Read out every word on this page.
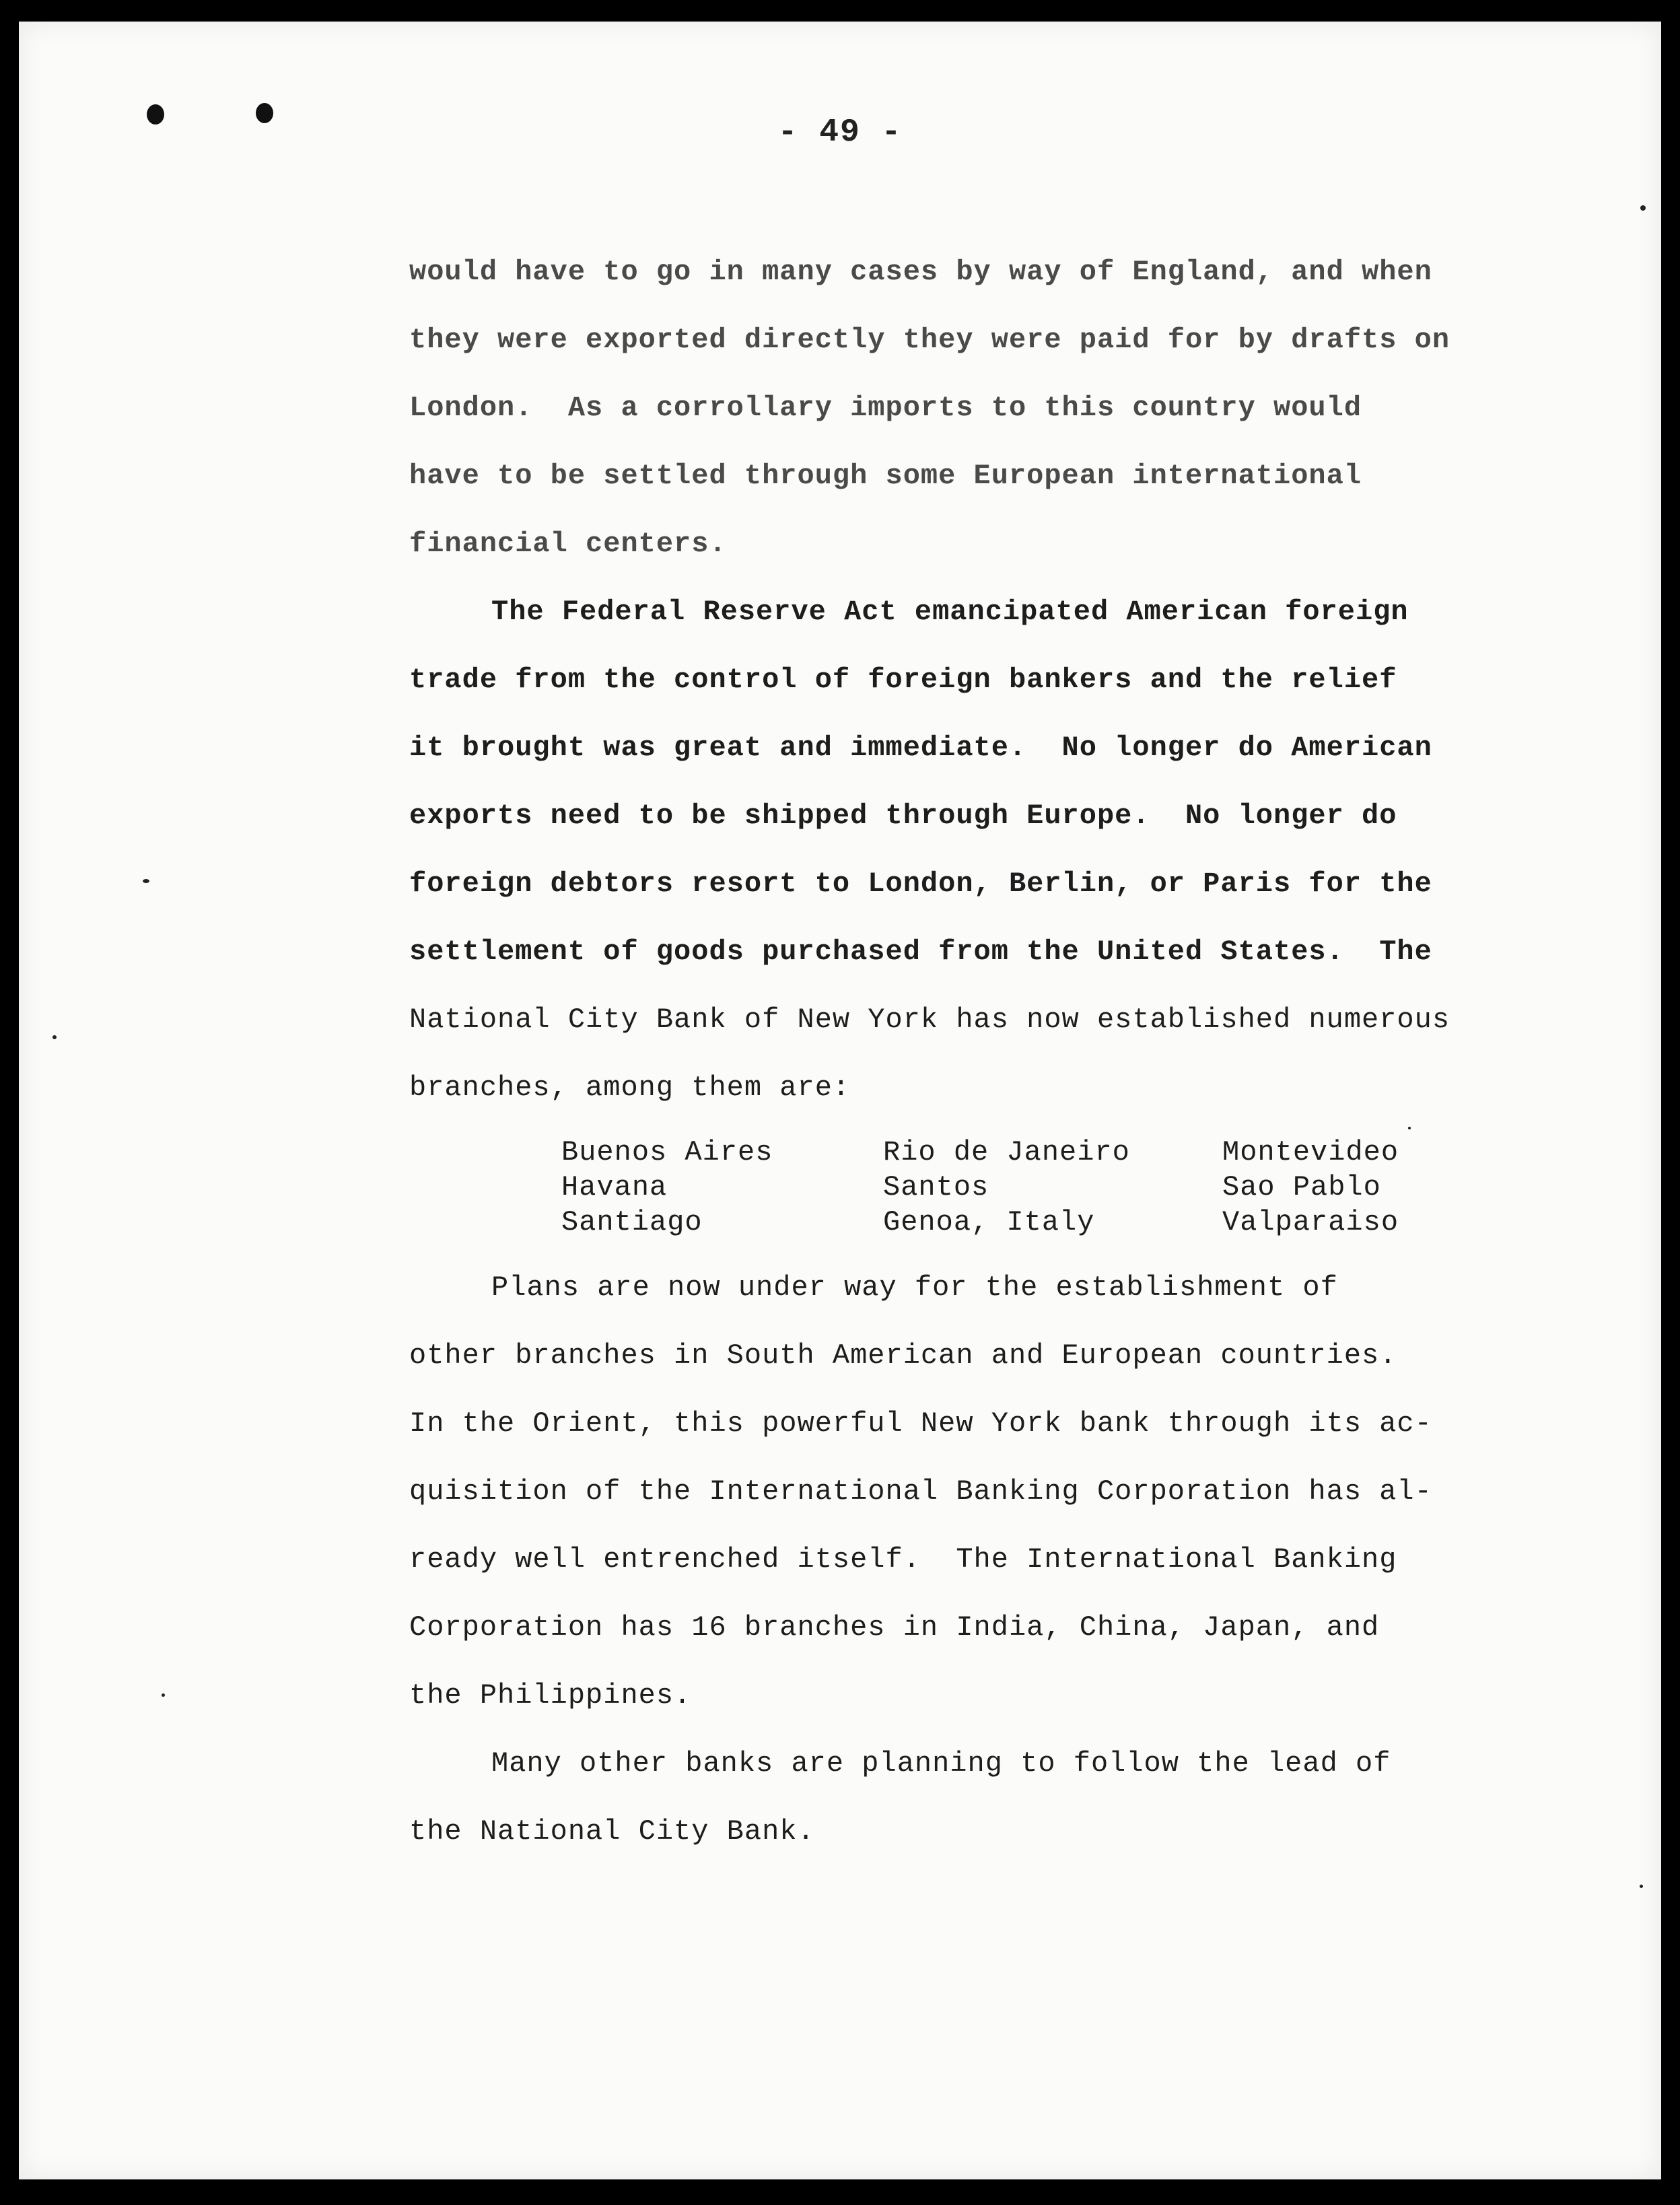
- 49 -
would have to go in many cases by way of England, and when
they were exported directly they were paid for by drafts on
London.  As a corrollary imports to this country would
have to be settled through some European international
financial centers.
The Federal Reserve Act emancipated American foreign
trade from the control of foreign bankers and the relief
it brought was great and immediate.  No longer do American
exports need to be shipped through Europe.  No longer do
foreign debtors resort to London, Berlin, or Paris for the
settlement of goods purchased from the United States.  The
National City Bank of New York has now established numerous
branches, among them are:
Buenos Aires	Rio de Janeiro	Montevideo
Havana	Santos	Sao Pablo
Santiago	Genoa, Italy	Valparaiso
Plans are now under way for the establishment of
other branches in South American and European countries.
In the Orient, this powerful New York bank through its ac-
quisition of the International Banking Corporation has al-
ready well entrenched itself.  The International Banking
Corporation has 16 branches in India, China, Japan, and
the Philippines.
Many other banks are planning to follow the lead of
the National City Bank.
